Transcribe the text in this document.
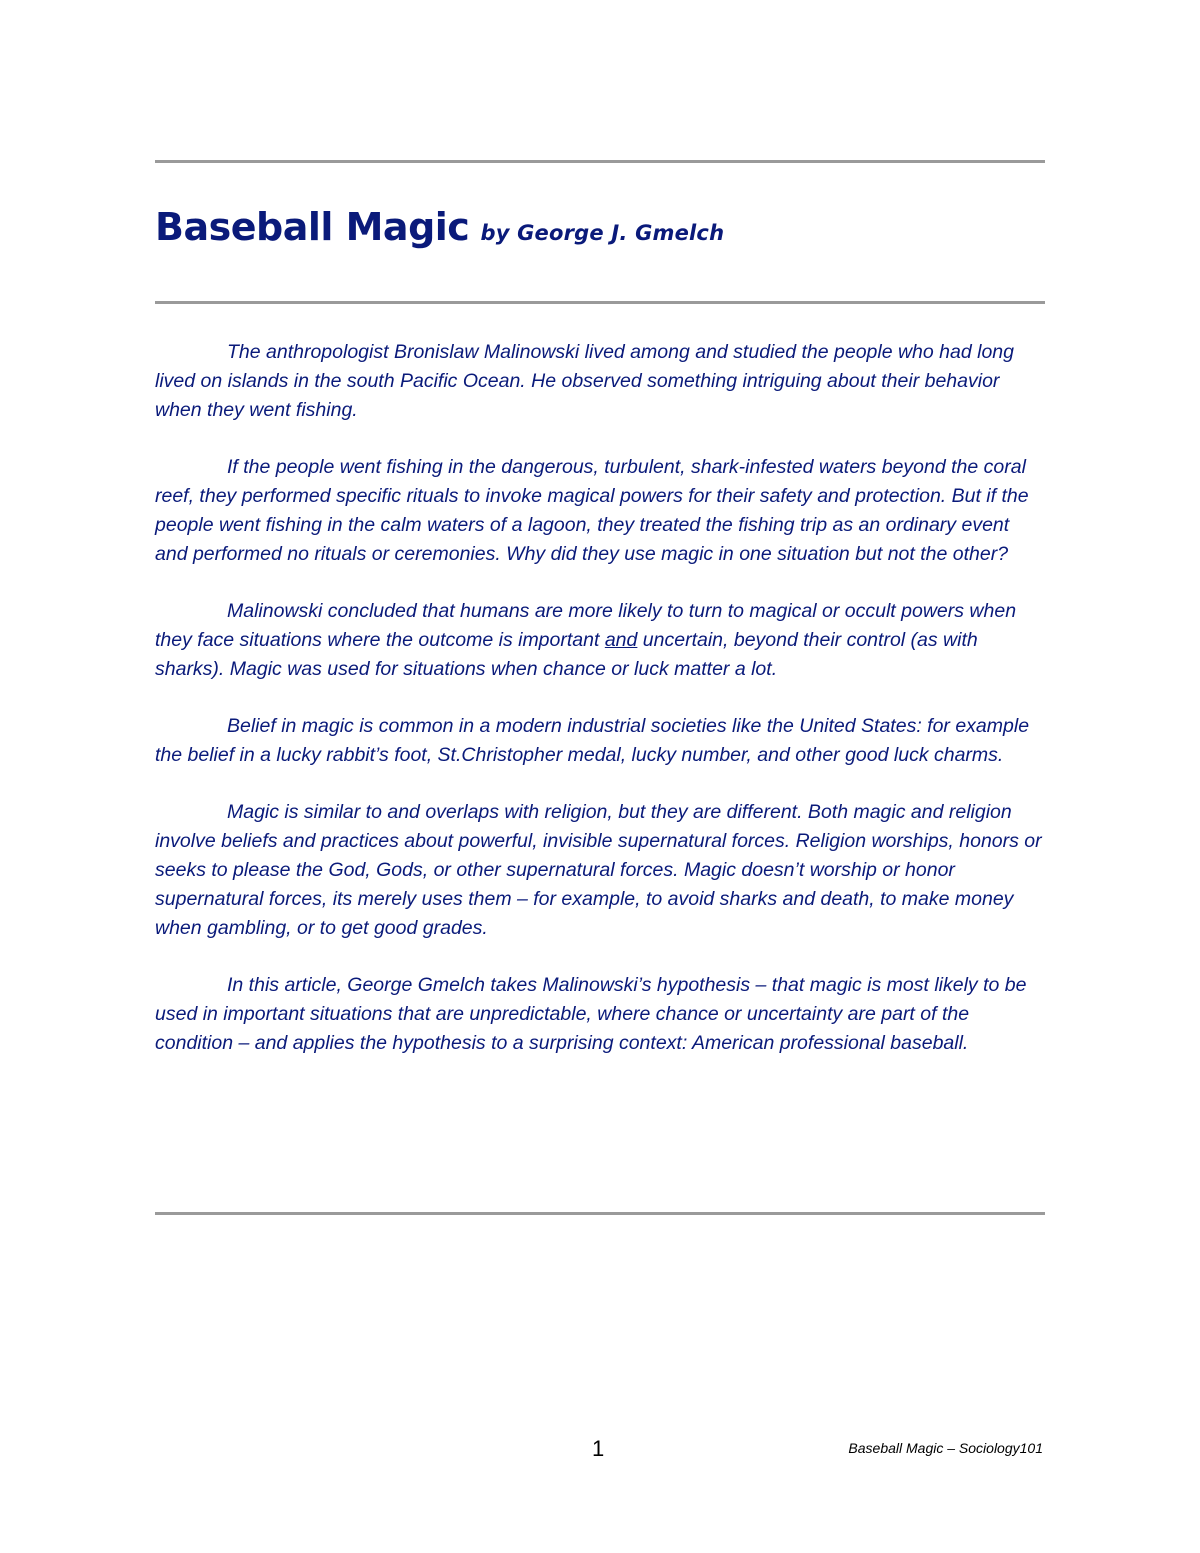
Baseball Magic by George J. Gmelch

The anthropologist Bronislaw Malinowski lived among and studied the people who had long lived on islands in the south Pacific Ocean. He observed something intriguing about their behavior when they went fishing.

If the people went fishing in the dangerous, turbulent, shark-infested waters beyond the coral reef, they performed specific rituals to invoke magical powers for their safety and protection. But if the people went fishing in the calm waters of a lagoon, they treated the fishing trip as an ordinary event and performed no rituals or ceremonies. Why did they use magic in one situation but not the other?

Malinowski concluded that humans are more likely to turn to magical or occult powers when they face situations where the outcome is important and uncertain, beyond their control (as with sharks). Magic was used for situations when chance or luck matter a lot.

Belief in magic is common in a modern industrial societies like the United States: for example the belief in a lucky rabbit’s foot, St.Christopher medal, lucky number, and other good luck charms.

Magic is similar to and overlaps with religion, but they are different. Both magic and religion involve beliefs and practices about powerful, invisible supernatural forces. Religion worships, honors or seeks to please the God, Gods, or other supernatural forces. Magic doesn’t worship or honor supernatural forces, its merely uses them – for example, to avoid sharks and death, to make money when gambling, or to get good grades.

In this article, George Gmelch takes Malinowski’s hypothesis – that magic is most likely to be used in important situations that are unpredictable, where chance or uncertainty are part of the condition – and applies the hypothesis to a surprising context: American professional baseball.

1	Baseball Magic – Sociology101
